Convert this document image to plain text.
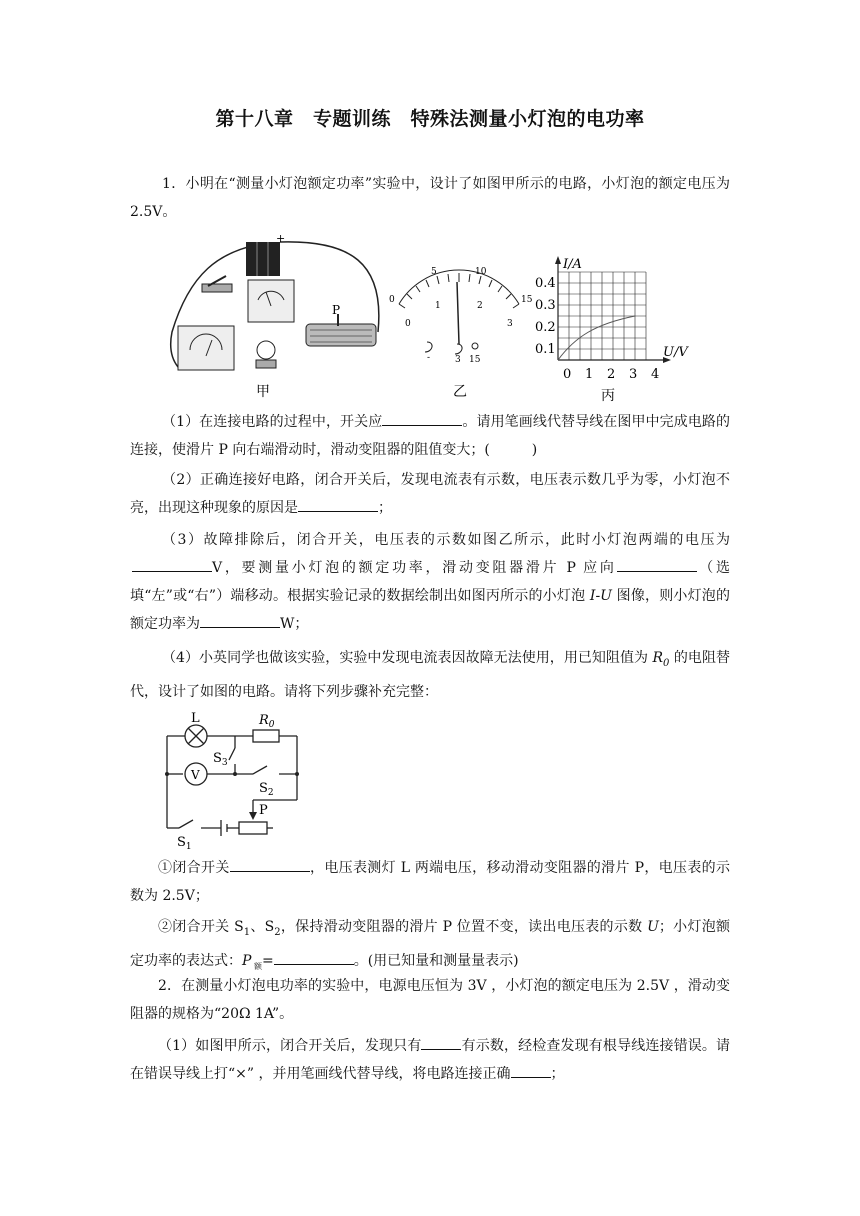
第十八章　专题训练　特殊法测量小灯泡的电功率
1．小明在“测量小灯泡额定功率”实验中，设计了如图甲所示的电路，小灯泡的额定电压为 2.5V。
+
P
甲
0
5	10
15
0
1	2
3
-	3 15
乙
I/A
U/V
0.4
0.3
0.2
0.1
0 1 2 3 4
丙
（1）在连接电路的过程中，开关应	。请用笔画线代替导线在图甲中完成电路的连接，使滑片 P 向右端滑动时，滑动变阻器的阻值变大；(　　　)
（2）正确连接好电路，闭合开关后，发现电流表有示数，电压表示数几乎为零，小灯泡不亮，出现这种现象的原因是	；
（3）故障排除后，闭合开关，电压表的示数如图乙所示，此时小灯泡两端的电压为V，要测量小灯泡的额定功率，滑动变阻器滑片 P 应向	（选填“左”或“右”）端移动。根据实验记录的数据绘制出如图丙所示的小灯泡 I-U 图像，则小灯泡的额定功率为	W；
（4）小英同学也做该实验，实验中发现电流表因故障无法使用，用已知阻值为 $R_0$ 的电阻替代，设计了如图的电路。请将下列步骤补充完整：
L	$R_0$
V
$S_3$
$S_2$
$S_1$
P
①闭合开关	，电压表测灯 L 两端电压，移动滑动变阻器的滑片 P，电压表的示数为 2.5V；
②闭合开关 $S_1$、$S_2$，保持滑动变阻器的滑片 P 位置不变，读出电压表的示数 U；小灯泡额定功率的表达式：P $_额$=	。(用已知量和测量量表示)
2．在测量小灯泡电功率的实验中，电源电压恒为 3V ，小灯泡的额定电压为 2.5V ，滑动变阻器的规格为“20Ω 1A”。
（1）如图甲所示，闭合开关后，发现只有	有示数，经检查发现有根导线连接错误。请在错误导线上打“×” ，并用笔画线代替导线，将电路连接正确	；
